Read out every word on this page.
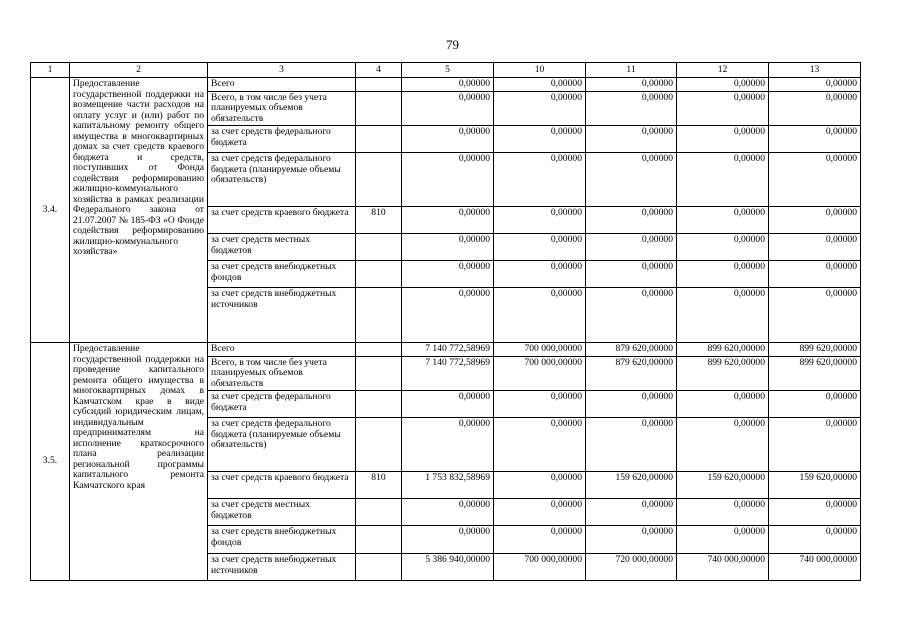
79
1	2	3	4	5	10	11	12	13
3.4.	Предоставление государственной поддержки на возмещение части расходов на оплату услуг и (или) работ по капитальному ремонту общего имущества в многоквартирных домах за счет средств краевого бюджета и средств, поступивших от Фонда содействия реформированию жилищно-коммунального хозяйства в рамках реализации Федерального закона от 21.07.2007 № 185-ФЗ «О Фонде содействия реформированию жилищно-коммунального хозяйства»	Всего		0,00000	0,00000	0,00000	0,00000	0,00000
		Всего, в том числе без учета планируемых объемов обязательств		0,00000	0,00000	0,00000	0,00000	0,00000
		за счет средств федерального бюджета		0,00000	0,00000	0,00000	0,00000	0,00000
		за счет средств федерального бюджета (планируемые объемы обязательств)		0,00000	0,00000	0,00000	0,00000	0,00000
		за счет средств краевого бюджета	810	0,00000	0,00000	0,00000	0,00000	0,00000
		за счет средств местных бюджетов		0,00000	0,00000	0,00000	0,00000	0,00000
		за счет средств внебюджетных фондов		0,00000	0,00000	0,00000	0,00000	0,00000
		за счет средств внебюджетных источников		0,00000	0,00000	0,00000	0,00000	0,00000
3.5.	Предоставление государственной поддержки на проведение капитального ремонта общего имущества в многоквартирных домах в Камчатском крае в виде субсидий юридическим лицам, индивидуальным предпринимателям на исполнение краткосрочного плана реализации региональной программы капитального ремонта Камчатского края	Всего		7 140 772,58969	700 000,00000	879 620,00000	899 620,00000	899 620,00000
		Всего, в том числе без учета планируемых объемов обязательств		7 140 772,58969	700 000,00000	879 620,00000	899 620,00000	899 620,00000
		за счет средств федерального бюджета		0,00000	0,00000	0,00000	0,00000	0,00000
		за счет средств федерального бюджета (планируемые объемы обязательств)		0,00000	0,00000	0,00000	0,00000	0,00000
		за счет средств краевого бюджета	810	1 753 832,58969	0,00000	159 620,00000	159 620,00000	159 620,00000
		за счет средств местных бюджетов		0,00000	0,00000	0,00000	0,00000	0,00000
		за счет средств внебюджетных фондов		0,00000	0,00000	0,00000	0,00000	0,00000
		за счет средств внебюджетных источников		5 386 940,00000	700 000,00000	720 000,00000	740 000,00000	740 000,00000
